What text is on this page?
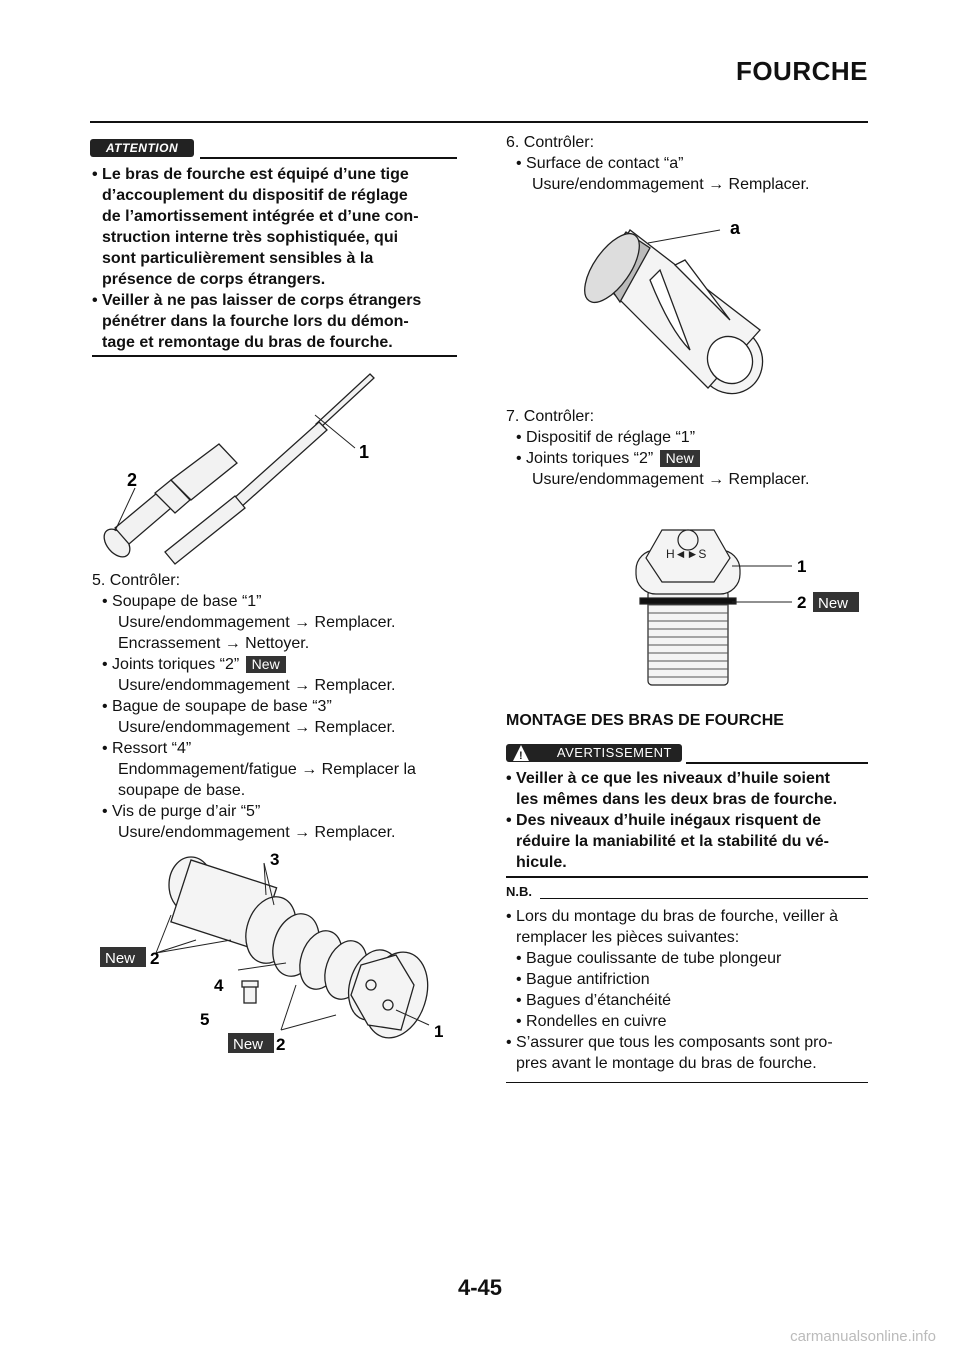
FOURCHE
ATTENTION
• Le bras de fourche est équipé d’une tige
d’accouplement du dispositif de réglage
de l’amortissement intégrée et d’une con-
struction interne très sophistiquée, qui
sont particulièrement sensibles à la
présence de corps étrangers.
• Veiller à ne pas laisser de corps étrangers
pénétrer dans la fourche lors du démon-
tage et remontage du bras de fourche.
1
2
5. Contrôler:
• Soupape de base “1”
Usure/endommagement → Remplacer.
Encrassement → Nettoyer.
• Joints toriques “2” New
Usure/endommagement → Remplacer.
• Bague de soupape de base “3”
Usure/endommagement → Remplacer.
• Ressort “4”
Endommagement/fatigue → Remplacer la
soupape de base.
• Vis de purge d’air “5”
Usure/endommagement → Remplacer.
3
New 2
4
5
New 2
1
6. Contrôler:
• Surface de contact “a”
Usure/endommagement → Remplacer.
a
7. Contrôler:
• Dispositif de réglage “1”
• Joints toriques “2” New
Usure/endommagement → Remplacer.
H◄►S
1
2 New
MONTAGE DES BRAS DE FOURCHE
AVERTISSEMENT
!
• Veiller à ce que les niveaux d’huile soient
les mêmes dans les deux bras de fourche.
• Des niveaux d’huile inégaux risquent de
réduire la maniabilité et la stabilité du vé-
hicule.
N.B.
• Lors du montage du bras de fourche, veiller à
remplacer les pièces suivantes:
• Bague coulissante de tube plongeur
• Bague antifriction
• Bagues d’étanchéité
• Rondelles en cuivre
• S’assurer que tous les composants sont pro-
pres avant le montage du bras de fourche.
4-45
carmanualsonline.info
